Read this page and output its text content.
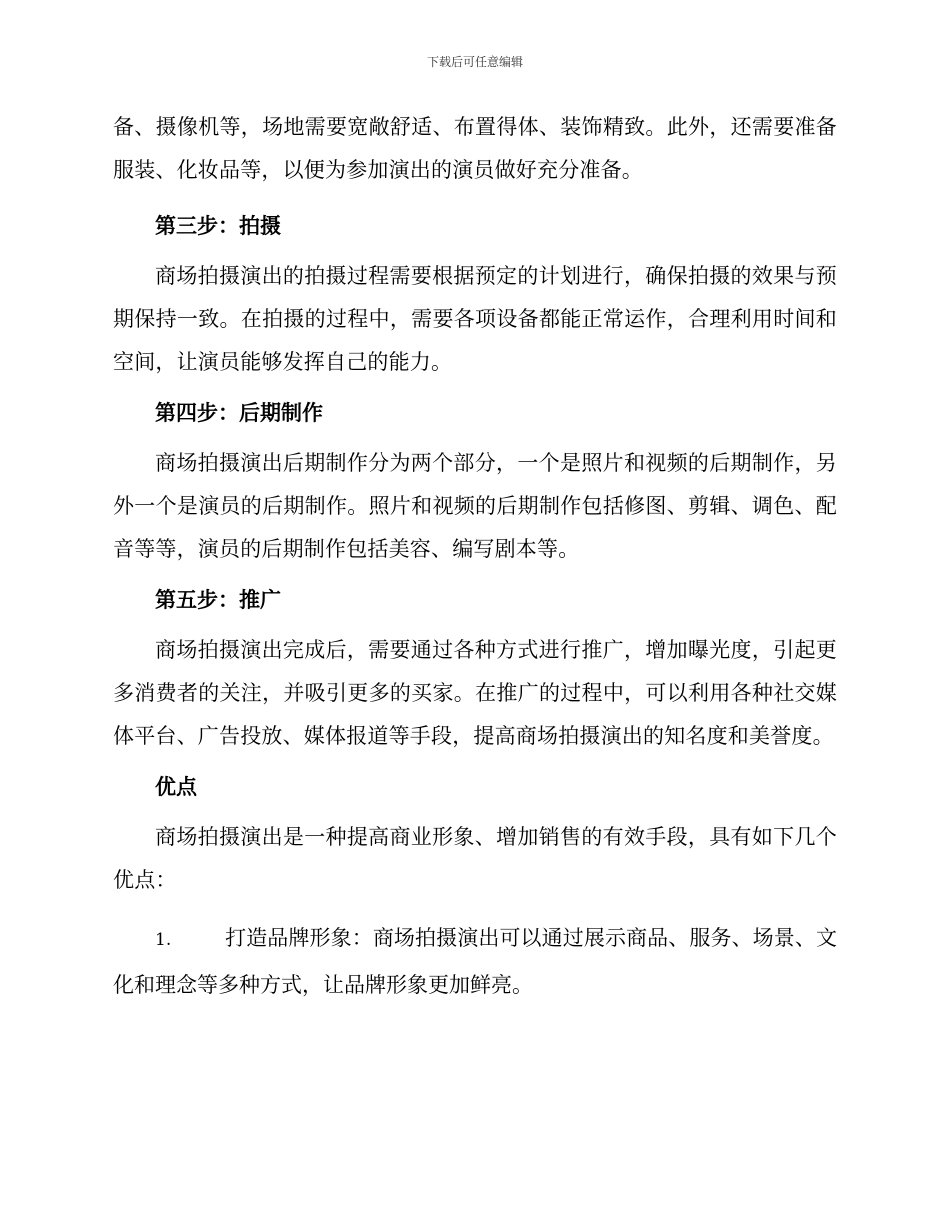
下载后可任意编辑

备、摄像机等，场地需要宽敞舒适、布置得体、装饰精致。此外，还需要准备服装、化妆品等，以便为参加演出的演员做好充分准备。

第三步：拍摄

商场拍摄演出的拍摄过程需要根据预定的计划进行，确保拍摄的效果与预期保持一致。在拍摄的过程中，需要各项设备都能正常运作，合理利用时间和空间，让演员能够发挥自己的能力。

第四步：后期制作

商场拍摄演出后期制作分为两个部分，一个是照片和视频的后期制作，另外一个是演员的后期制作。照片和视频的后期制作包括修图、剪辑、调色、配音等等，演员的后期制作包括美容、编写剧本等。

第五步：推广

商场拍摄演出完成后，需要通过各种方式进行推广，增加曝光度，引起更多消费者的关注，并吸引更多的买家。在推广的过程中，可以利用各种社交媒体平台、广告投放、媒体报道等手段，提高商场拍摄演出的知名度和美誉度。

优点

商场拍摄演出是一种提高商业形象、增加销售的有效手段，具有如下几个优点：

1.	打造品牌形象：商场拍摄演出可以通过展示商品、服务、场景、文化和理念等多种方式，让品牌形象更加鲜亮。
